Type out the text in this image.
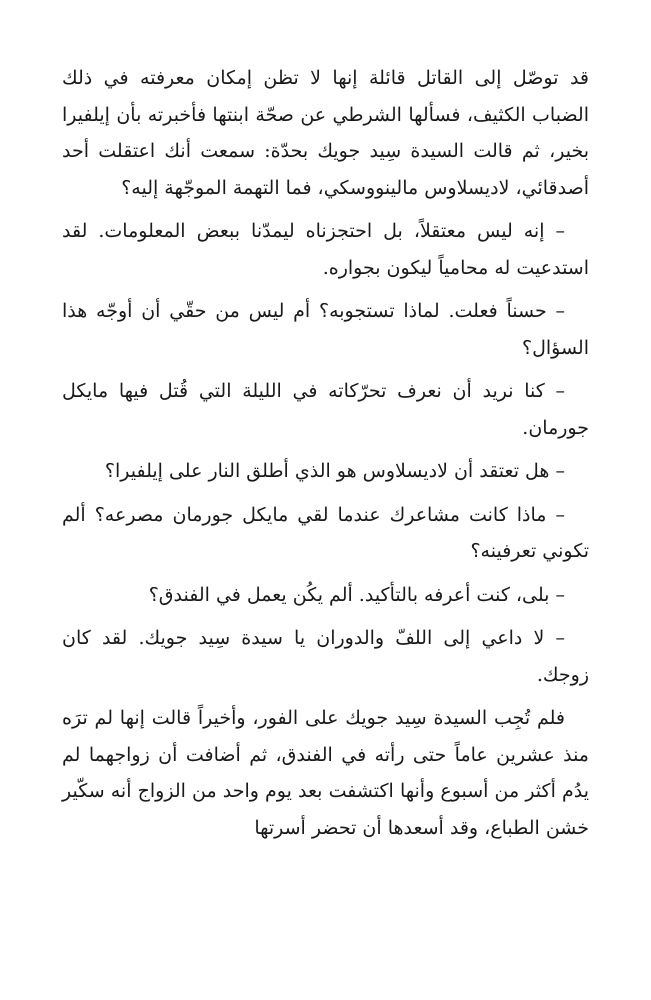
قد توصّل إلى القاتل قائلة إنها لا تظن إمكان معرفته في ذلك الضباب الكثيف، فسألها الشرطي عن صحّة ابنتها فأخبرته بأن إيلفيرا بخير، ثم قالت السيدة سِيد جويك بحدّة: سمعت أنك اعتقلت أحد أصدقائي، لاديسلاوس مالينووسكي، فما التهمة الموجّهة إليه؟

– إنه ليس معتقلاً، بل احتجزناه ليمدّنا ببعض المعلومات. لقد استدعيت له محامياً ليكون بجواره.

– حسناً فعلت. لماذا تستجوبه؟ أم ليس من حقّي أن أوجّه هذا السؤال؟

– كنا نريد أن نعرف تحرّكاته في الليلة التي قُتل فيها مايكل جورمان.

– هل تعتقد أن لاديسلاوس هو الذي أطلق النار على إيلفيرا؟

– ماذا كانت مشاعرك عندما لقي مايكل جورمان مصرعه؟ ألم تكوني تعرفينه؟

– بلى، كنت أعرفه بالتأكيد. ألم يكُن يعمل في الفندق؟

– لا داعي إلى اللفّ والدوران يا سيدة سِيد جويك. لقد كان زوجك.

فلم تُجِب السيدة سِيد جويك على الفور، وأخيراً قالت إنها لم ترَه منذ عشرين عاماً حتى رأته في الفندق، ثم أضافت أن زواجهما لم يدُم أكثر من أسبوع وأنها اكتشفت بعد يوم واحد من الزواج أنه سكّير خشن الطباع، وقد أسعدها أن تحضر أسرتها
